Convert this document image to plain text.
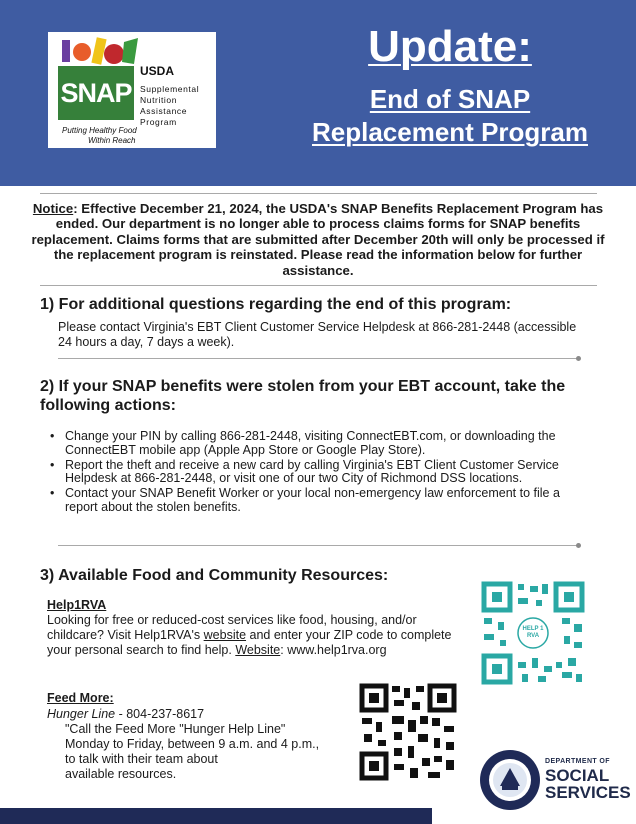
SNAP
USDA
Supplemental
Nutrition
Assistance
Program
Putting Healthy Food
Within Reach
Update:
End of SNAP
Replacement Program
Notice: Effective December 21, 2024, the USDA's SNAP Benefits Replacement Program has ended. Our department is no longer able to process claims forms for SNAP benefits replacement. Claims forms that are submitted after December 20th will only be processed if the replacement program is reinstated. Please read the information below for further assistance.
1) For additional questions regarding the end of this program:
Please contact Virginia's EBT Client Customer Service Helpdesk at 866-281-2448 (accessible 24 hours a day, 7 days a week).
2) If your SNAP benefits were stolen from your EBT account, take the following actions:
• Change your PIN by calling 866-281-2448, visiting ConnectEBT.com, or downloading the ConnectEBT mobile app (Apple App Store or Google Play Store).
• Report the theft and receive a new card by calling Virginia's EBT Client Customer Service Helpdesk at 866-281-2448, or visit one of our two City of Richmond DSS locations.
• Contact your SNAP Benefit Worker or your local non-emergency law enforcement to file a report about the stolen benefits.
3) Available Food and Community Resources:
Help1RVA
Looking for free or reduced-cost services like food, housing, and/or childcare? Visit Help1RVA's website and enter your ZIP code to complete your personal search to find help. Website: www.help1rva.org
Feed More:
Hunger Line - 804-237-8617
"Call the Feed More "Hunger Help Line"
Monday to Friday, between 9 a.m. and 4 p.m.,
to talk with their team about
available resources.
HELP 1 RVA
DEPARTMENT OF
SOCIAL
SERVICES
